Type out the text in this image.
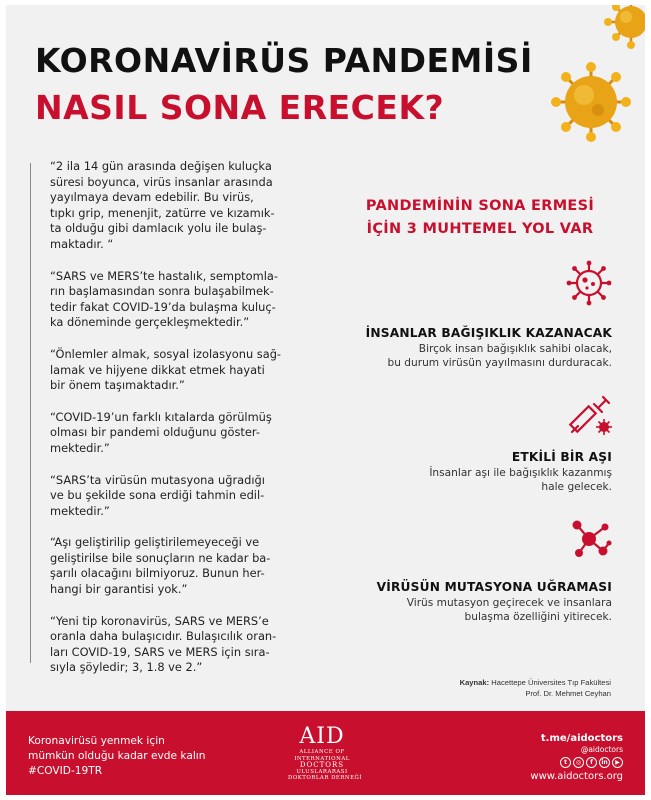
KORONAVİRÜS PANDEMİSİ
NASIL SONA ERECEK?
“2 ila 14 gün arasında değişen kuluçka
süresi boyunca, virüs insanlar arasında
yayılmaya devam edebilir. Bu virüs,
tıpkı grip, menenjit, zatürre ve kızamık-
ta olduğu gibi damlacık yolu ile bulaş-
maktadır. “
“SARS ve MERS’te hastalık, semptomla-
rın başlamasından sonra bulaşabilmek-
tedir fakat COVID-19’da bulaşma kuluç-
ka döneminde gerçekleşmektedir.”
“Önlemler almak, sosyal izolasyonu sağ-
lamak ve hijyene dikkat etmek hayati
bir önem taşımaktadır.”
“COVID-19’un farklı kıtalarda görülmüş
olması bir pandemi olduğunu göster-
mektedir.”
“SARS’ta virüsün mutasyona uğradığı
ve bu şekilde sona erdiği tahmin edil-
mektedir.”
“Aşı geliştirilip geliştirilemeyeceği ve
geliştirilse bile sonuçların ne kadar ba-
şarılı olacağını bilmiyoruz. Bunun her-
hangi bir garantisi yok.”
“Yeni tip koronavirüs, SARS ve MERS’e
oranla daha bulaşıcıdır. Bulaşıcılık oran-
ları COVID-19, SARS ve MERS için sıra-
sıyla şöyledir; 3, 1.8 ve 2.”
PANDEMİNİN SONA ERMESİ
İÇİN 3 MUHTEMEL YOL VAR
İNSANLAR BAĞIŞIKLIK KAZANACAK
Birçok insan bağışıklık sahibi olacak,
bu durum virüsün yayılmasını durduracak.
ETKİLİ BİR AŞI
İnsanlar aşı ile bağışıklık kazanmış
hale gelecek.
VİRÜSÜN MUTASYONA UĞRAMASI
Virüs mutasyon geçirecek ve insanlara
bulaşma özelliğini yitirecek.
Kaynak: Hacettepe Üniversites Tıp Fakültesi
Prof. Dr. Mehmet Ceyhan
Koronavirüsü yenmek için
mümkün olduğu kadar evde kalın
#COVID-19TR
AID
ALLIANCE OF
INTERNATIONAL
DOCTORS
ULUSLARARASI
DOKTORLAR DERNEĞİ
t.me/aidoctors
@aidoctors
t	◎	f	in	▶
www.aidoctors.org
